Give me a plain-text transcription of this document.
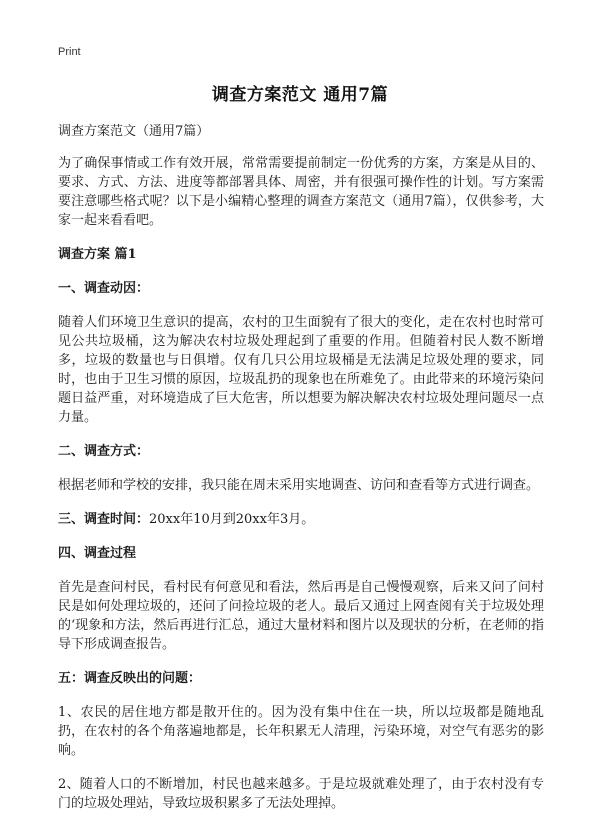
Print
调查方案范文 通用7篇

调查方案范文（通用7篇）

为了确保事情或工作有效开展，常常需要提前制定一份优秀的方案，方案是从目的、要求、方式、方法、进度等都部署具体、周密，并有很强可操作性的计划。写方案需要注意哪些格式呢？以下是小编精心整理的调查方案范文（通用7篇），仅供参考，大家一起来看看吧。

调查方案 篇1

一、调查动因：

随着人们环境卫生意识的提高，农村的卫生面貌有了很大的变化，走在农村也时常可见公共垃圾桶，这为解决农村垃圾处理起到了重要的作用。但随着村民人数不断增多，垃圾的数量也与日俱增。仅有几只公用垃圾桶是无法满足垃圾处理的要求，同时，也由于卫生习惯的原因，垃圾乱扔的现象也在所难免了。由此带来的环境污染问题日益严重，对环境造成了巨大危害，所以想要为解决解决农村垃圾处理问题尽一点力量。

二、调查方式：

根据老师和学校的安排，我只能在周末采用实地调查、访问和查看等方式进行调查。

三、调查时间：20xx年10月到20xx年3月。

四、调查过程

首先是查问村民，看村民有何意见和看法，然后再是自己慢慢观察，后来又问了问村民是如何处理垃圾的，还问了问捡垃圾的老人。最后又通过上网查阅有关于垃圾处理的‘现象和方法，然后再进行汇总，通过大量材料和图片以及现状的分析，在老师的指导下形成调查报告。

五：调查反映出的问题：

1、农民的居住地方都是散开住的。因为没有集中住在一块，所以垃圾都是随地乱扔，在农村的各个角落遍地都是，长年积累无人清理，污染环境，对空气有恶劣的影响。

2、随着人口的不断增加，村民也越来越多。于是垃圾就难处理了，由于农村没有专门的垃圾处理站，导致垃圾积累多了无法处理掉。
